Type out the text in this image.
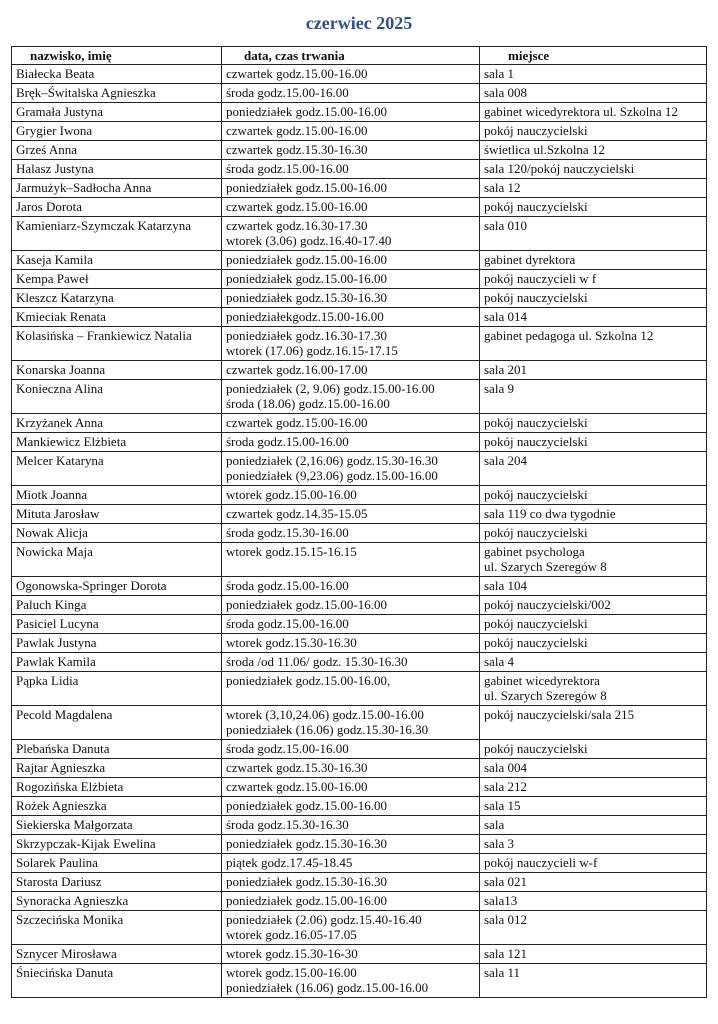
czerwiec 2025
nazwisko, imię	data, czas trwania	miejsce
Białecka Beata	czwartek godz.15.00-16.00	sala 1

Bręk–Świtalska Agnieszka	środa godz.15.00-16.00	sala 008

Gramała Justyna	poniedziałek godz.15.00-16.00	gabinet wicedyrektora ul. Szkolna 12

Grygier Iwona	czwartek godz.15.00-16.00	pokój nauczycielski

Grześ Anna	czwartek godz.15.30-16.30	świetlica ul.Szkolna 12

Halasz Justyna	środa godz.15.00-16.00	sala 120/pokój nauczycielski

Jarmużyk–Sadłocha Anna	poniedziałek godz.15.00-16.00	sala 12

Jaros Dorota	czwartek godz.15.00-16.00	pokój nauczycielski

Kamieniarz-Szymczak Katarzyna	czwartek godz.16.30-17.30
wtorek (3.06) godz.16.40-17.40	sala 010

Kaseja Kamila	poniedziałek godz.15.00-16.00	gabinet dyrektora

Kempa Paweł	poniedziałek godz.15.00-16.00	pokój nauczycieli w f

Kleszcz Katarzyna	poniedziałek godz.15.30-16.30	pokój nauczycielski

Kmieciak Renata	poniedziałekgodz.15.00-16.00	sala 014

Kolasińska – Frankiewicz Natalia	poniedziałek godz.16.30-17.30
wtorek (17.06) godz.16.15-17.15	gabinet pedagoga ul. Szkolna 12

Konarska Joanna	czwartek godz.16.00-17.00	sala 201

Konieczna Alina	poniedziałek (2, 9.06) godz.15.00-16.00
środa (18.06) godz.15.00-16.00	sala 9

Krzyżanek Anna	czwartek godz.15.00-16.00	pokój nauczycielski

Mankiewicz Elżbieta	środa godz.15.00-16.00	pokój nauczycielski

Melcer Kataryna	poniedziałek (2,16.06) godz.15.30-16.30
poniedziałek (9,23.06) godz.15.00-16.00	sala 204

Miotk Joanna	wtorek godz.15.00-16.00	pokój nauczycielski

Mituta Jarosław	czwartek godz.14.35-15.05	sala 119 co dwa tygodnie

Nowak Alicja	środa godz.15.30-16.00	pokój nauczycielski

Nowicka Maja	wtorek godz.15.15-16.15	gabinet psychologa
ul. Szarych Szeregów 8

Ogonowska-Springer Dorota	środa godz.15.00-16.00	sala 104

Paluch Kinga	poniedziałek godz.15.00-16.00	pokój nauczycielski/002

Pasiciel Lucyna	środa godz.15.00-16.00	pokój nauczycielski

Pawlak Justyna	wtorek godz.15.30-16.30	pokój nauczycielski

Pawlak Kamila	środa /od 11.06/ godz. 15.30-16.30	sala 4

Pąpka Lidia	poniedziałek godz.15.00-16.00,	gabinet wicedyrektora
ul. Szarych Szeregów 8

Pecold Magdalena	wtorek (3,10,24.06) godz.15.00-16.00
poniedziałek (16.06) godz.15.30-16.30	pokój nauczycielski/sala 215

Plebańska Danuta	środa godz.15.00-16.00	pokój nauczycielski

Rajtar Agnieszka	czwartek godz.15.30-16.30	sala 004

Rogozińska Elżbieta	czwartek godz.15.00-16.00	sala 212

Rożek Agnieszka	poniedziałek godz.15.00-16.00	sala 15

Siekierska Małgorzata	środa godz.15.30-16.30	sala

Skrzypczak-Kijak Ewelina	poniedziałek godz.15.30-16.30	sala 3

Solarek Paulina	piątek godz.17.45-18.45	pokój nauczycieli w-f

Starosta Dariusz	poniedziałek godz.15.30-16.30	sala 021

Synoracka Agnieszka	poniedziałek godz.15.00-16.00	sala13

Szczecińska Monika	poniedziałek (2.06) godz.15.40-16.40
wtorek godz.16.05-17.05	sala 012

Sznycer Mirosława	wtorek godz.15.30-16-30	sala 121

Śniecińska Danuta	wtorek godz.15.00-16.00
poniedziałek (16.06) godz.15.00-16.00	sala 11
